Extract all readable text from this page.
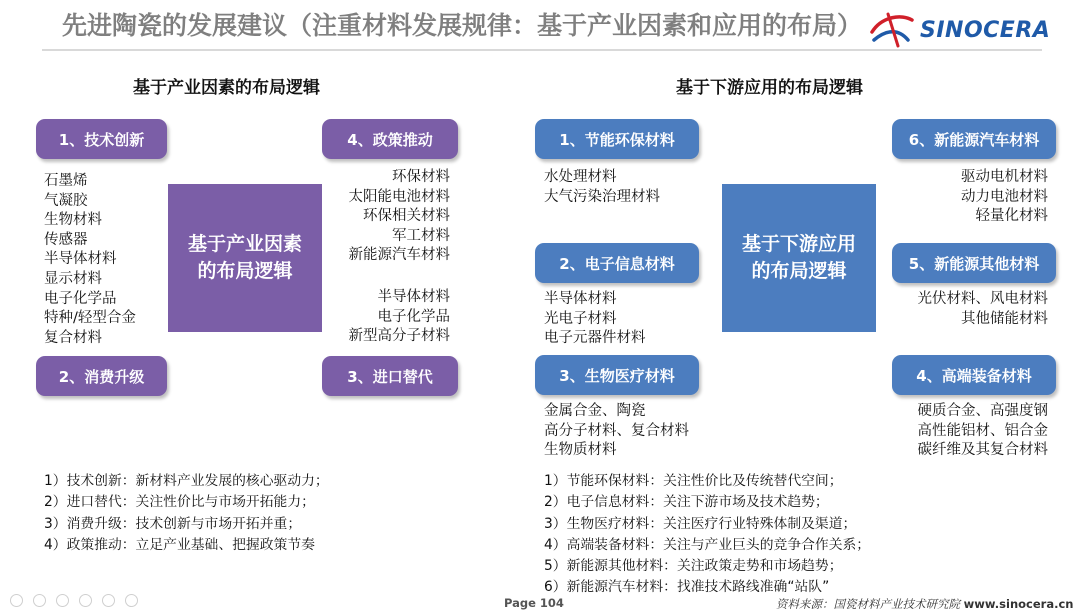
先进陶瓷的发展建议（注重材料发展规律：基于产业因素和应用的布局）	SINOCERA
基于产业因素的布局逻辑
1、技术创新	4、政策推动
2、消费升级	3、进口替代
基于产业因素
的布局逻辑
石墨烯
气凝胶
生物材料
传感器
半导体材料
显示材料
电子化学品
特种/轻型合金
复合材料
环保材料
太阳能电池材料
环保相关材料
军工材料
新能源汽车材料
半导体材料
电子化学品
新型高分子材料
1）技术创新：新材料产业发展的核心驱动力；
2）进口替代：关注性价比与市场开拓能力；
3）消费升级：技术创新与市场开拓并重；
4）政策推动：立足产业基础、把握政策节奏
基于下游应用的布局逻辑
1、节能环保材料
2、电子信息材料
3、生物医疗材料
6、新能源汽车材料
5、新能源其他材料
4、高端装备材料
基于下游应用
的布局逻辑
水处理材料
大气污染治理材料
半导体材料
光电子材料
电子元器件材料
金属合金、陶瓷
高分子材料、复合材料
生物质材料
驱动电机材料
动力电池材料
轻量化材料
光伏材料、风电材料
其他储能材料
硬质合金、高强度钢
高性能铝材、铝合金
碳纤维及其复合材料
1）节能环保材料：关注性价比及传统替代空间；
2）电子信息材料：关注下游市场及技术趋势；
3）生物医疗材料：关注医疗行业特殊体制及渠道；
4）高端装备材料：关注与产业巨头的竞争合作关系；
5）新能源其他材料：关注政策走势和市场趋势；
6）新能源汽车材料：找准技术路线准确“站队”
Page 104	资料来源：国瓷材料产业技术研究院 www.sinocera.cn
